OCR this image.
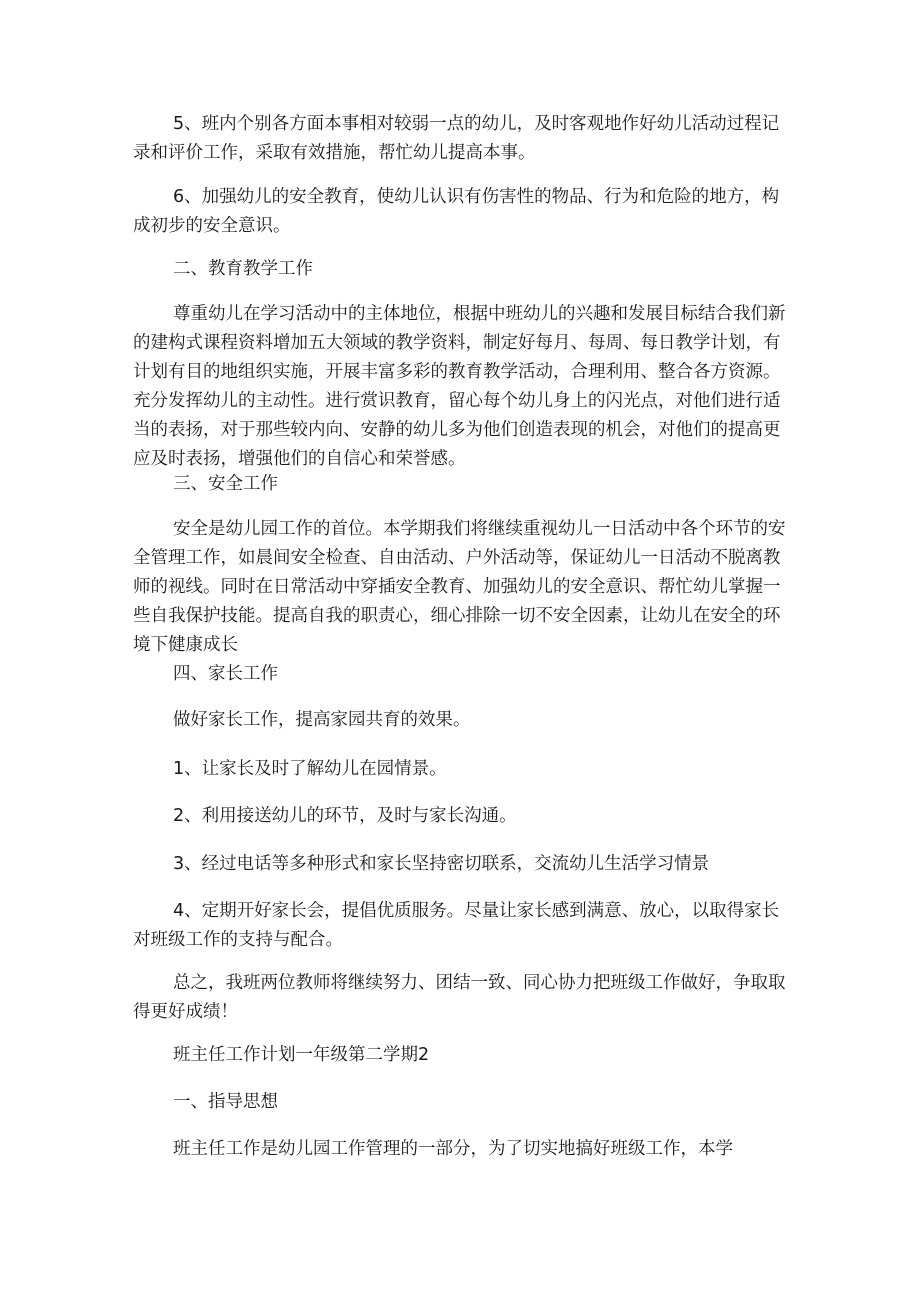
5、班内个别各方面本事相对较弱一点的幼儿，及时客观地作好幼儿活动过程记录和评价工作，采取有效措施，帮忙幼儿提高本事。

6、加强幼儿的安全教育，使幼儿认识有伤害性的物品、行为和危险的地方，构成初步的安全意识。

二、教育教学工作

尊重幼儿在学习活动中的主体地位，根据中班幼儿的兴趣和发展目标结合我们新的建构式课程资料增加五大领域的教学资料，制定好每月、每周、每日教学计划，有计划有目的地组织实施，开展丰富多彩的教育教学活动，合理利用、整合各方资源。充分发挥幼儿的主动性。进行赏识教育，留心每个幼儿身上的闪光点，对他们进行适当的表扬，对于那些较内向、安静的幼儿多为他们创造表现的机会，对他们的提高更应及时表扬，增强他们的自信心和荣誉感。

三、安全工作

安全是幼儿园工作的首位。本学期我们将继续重视幼儿一日活动中各个环节的安全管理工作，如晨间安全检查、自由活动、户外活动等，保证幼儿一日活动不脱离教师的视线。同时在日常活动中穿插安全教育、加强幼儿的安全意识、帮忙幼儿掌握一些自我保护技能。提高自我的职责心，细心排除一切不安全因素，让幼儿在安全的环境下健康成长

四、家长工作

做好家长工作，提高家园共育的效果。

1、让家长及时了解幼儿在园情景。

2、利用接送幼儿的环节，及时与家长沟通。

3、经过电话等多种形式和家长坚持密切联系，交流幼儿生活学习情景

4、定期开好家长会，提倡优质服务。尽量让家长感到满意、放心，以取得家长对班级工作的支持与配合。

总之，我班两位教师将继续努力、团结一致、同心协力把班级工作做好，争取取得更好成绩！

班主任工作计划一年级第二学期2

一、指导思想

班主任工作是幼儿园工作管理的一部分，为了切实地搞好班级工作，本学
